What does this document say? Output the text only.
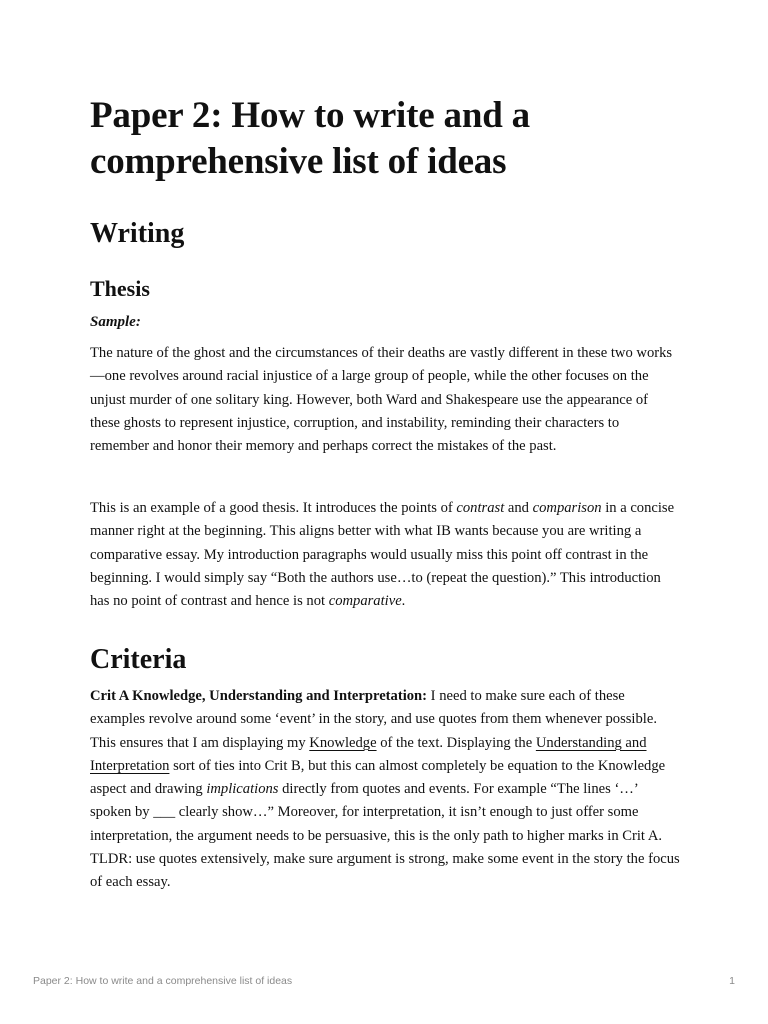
Paper 2: How to write and a comprehensive list of ideas
Writing
Thesis
Sample:

The nature of the ghost and the circumstances of their deaths are vastly different in these two works—one revolves around racial injustice of a large group of people, while the other focuses on the unjust murder of one solitary king. However, both Ward and Shakespeare use the appearance of these ghosts to represent injustice, corruption, and instability, reminding their characters to remember and honor their memory and perhaps correct the mistakes of the past.

This is an example of a good thesis. It introduces the points of contrast and comparison in a concise manner right at the beginning. This aligns better with what IB wants because you are writing a comparative essay. My introduction paragraphs would usually miss this point off contrast in the beginning. I would simply say “Both the authors use…to (repeat the question).” This introduction has no point of contrast and hence is not comparative.

Criteria

Crit A Knowledge, Understanding and Interpretation: I need to make sure each of these examples revolve around some ‘event’ in the story, and use quotes from them whenever possible. This ensures that I am displaying my Knowledge of the text. Displaying the Understanding and Interpretation sort of ties into Crit B, but this can almost completely be equation to the Knowledge aspect and drawing implications directly from quotes and events. For example “The lines ‘…’ spoken by ___ clearly show…” Moreover, for interpretation, it isn’t enough to just offer some interpretation, the argument needs to be persuasive, this is the only path to higher marks in Crit A. TLDR: use quotes extensively, make sure argument is strong, make some event in the story the focus of each essay.

Paper 2: How to write and a comprehensive list of ideas	1
